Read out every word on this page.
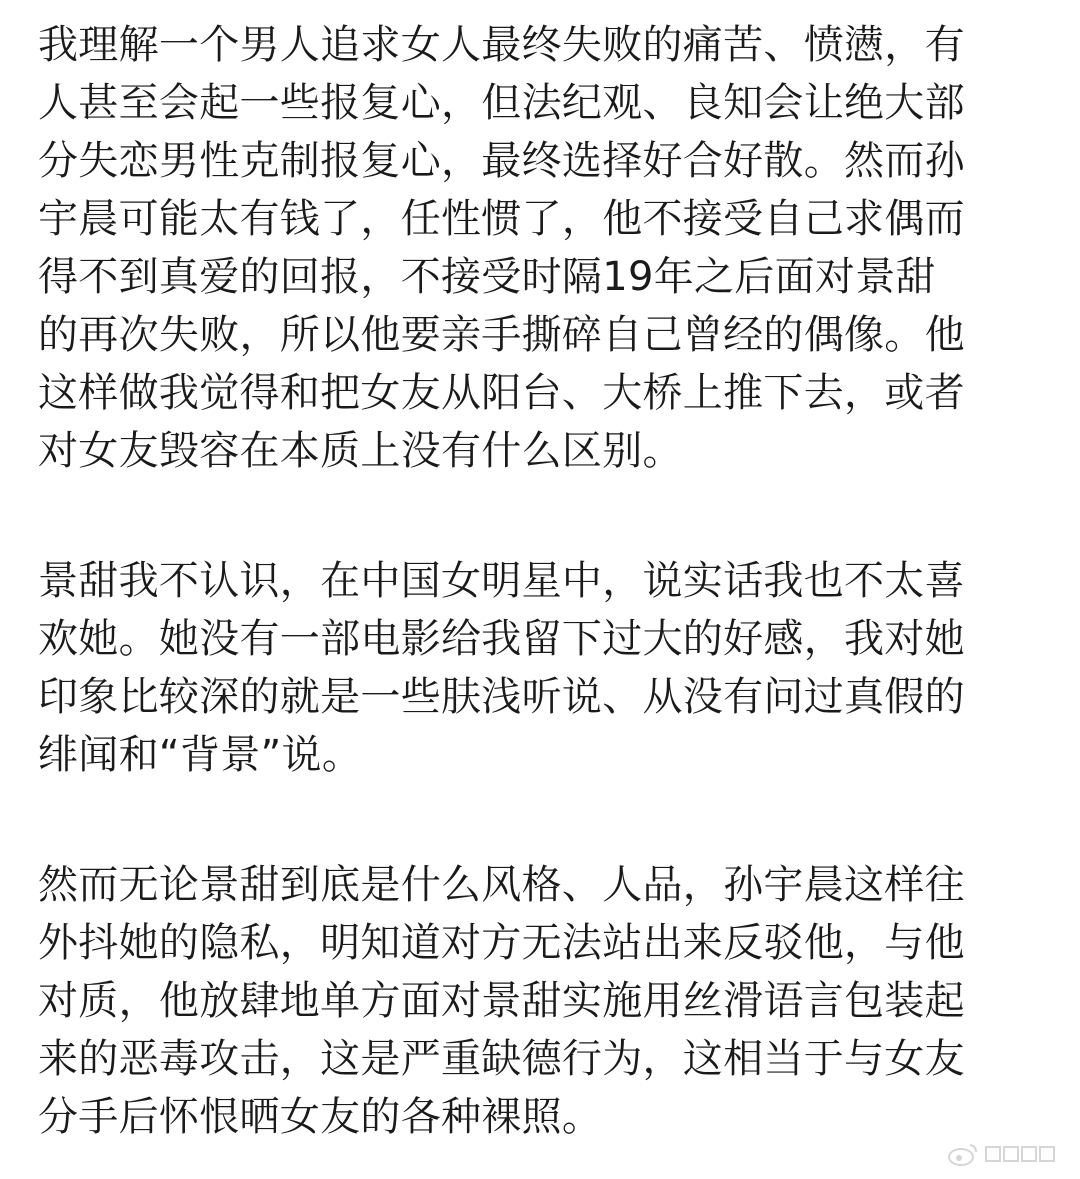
我理解一个男人追求女人最终失败的痛苦、愤懑，有
人甚至会起一些报复心，但法纪观、良知会让绝大部
分失恋男性克制报复心，最终选择好合好散。然而孙
宇晨可能太有钱了，任性惯了，他不接受自己求偶而
得不到真爱的回报，不接受时隔19年之后面对景甜
的再次失败，所以他要亲手撕碎自己曾经的偶像。他
这样做我觉得和把女友从阳台、大桥上推下去，或者
对女友毁容在本质上没有什么区别。
景甜我不认识，在中国女明星中，说实话我也不太喜
欢她。她没有一部电影给我留下过大的好感，我对她
印象比较深的就是一些肤浅听说、从没有问过真假的
绯闻和“背景”说。
然而无论景甜到底是什么风格、人品，孙宇晨这样往
外抖她的隐私，明知道对方无法站出来反驳他，与他
对质，他放肆地单方面对景甜实施用丝滑语言包装起
来的恶毒攻击，这是严重缺德行为，这相当于与女友
分手后怀恨晒女友的各种裸照。
